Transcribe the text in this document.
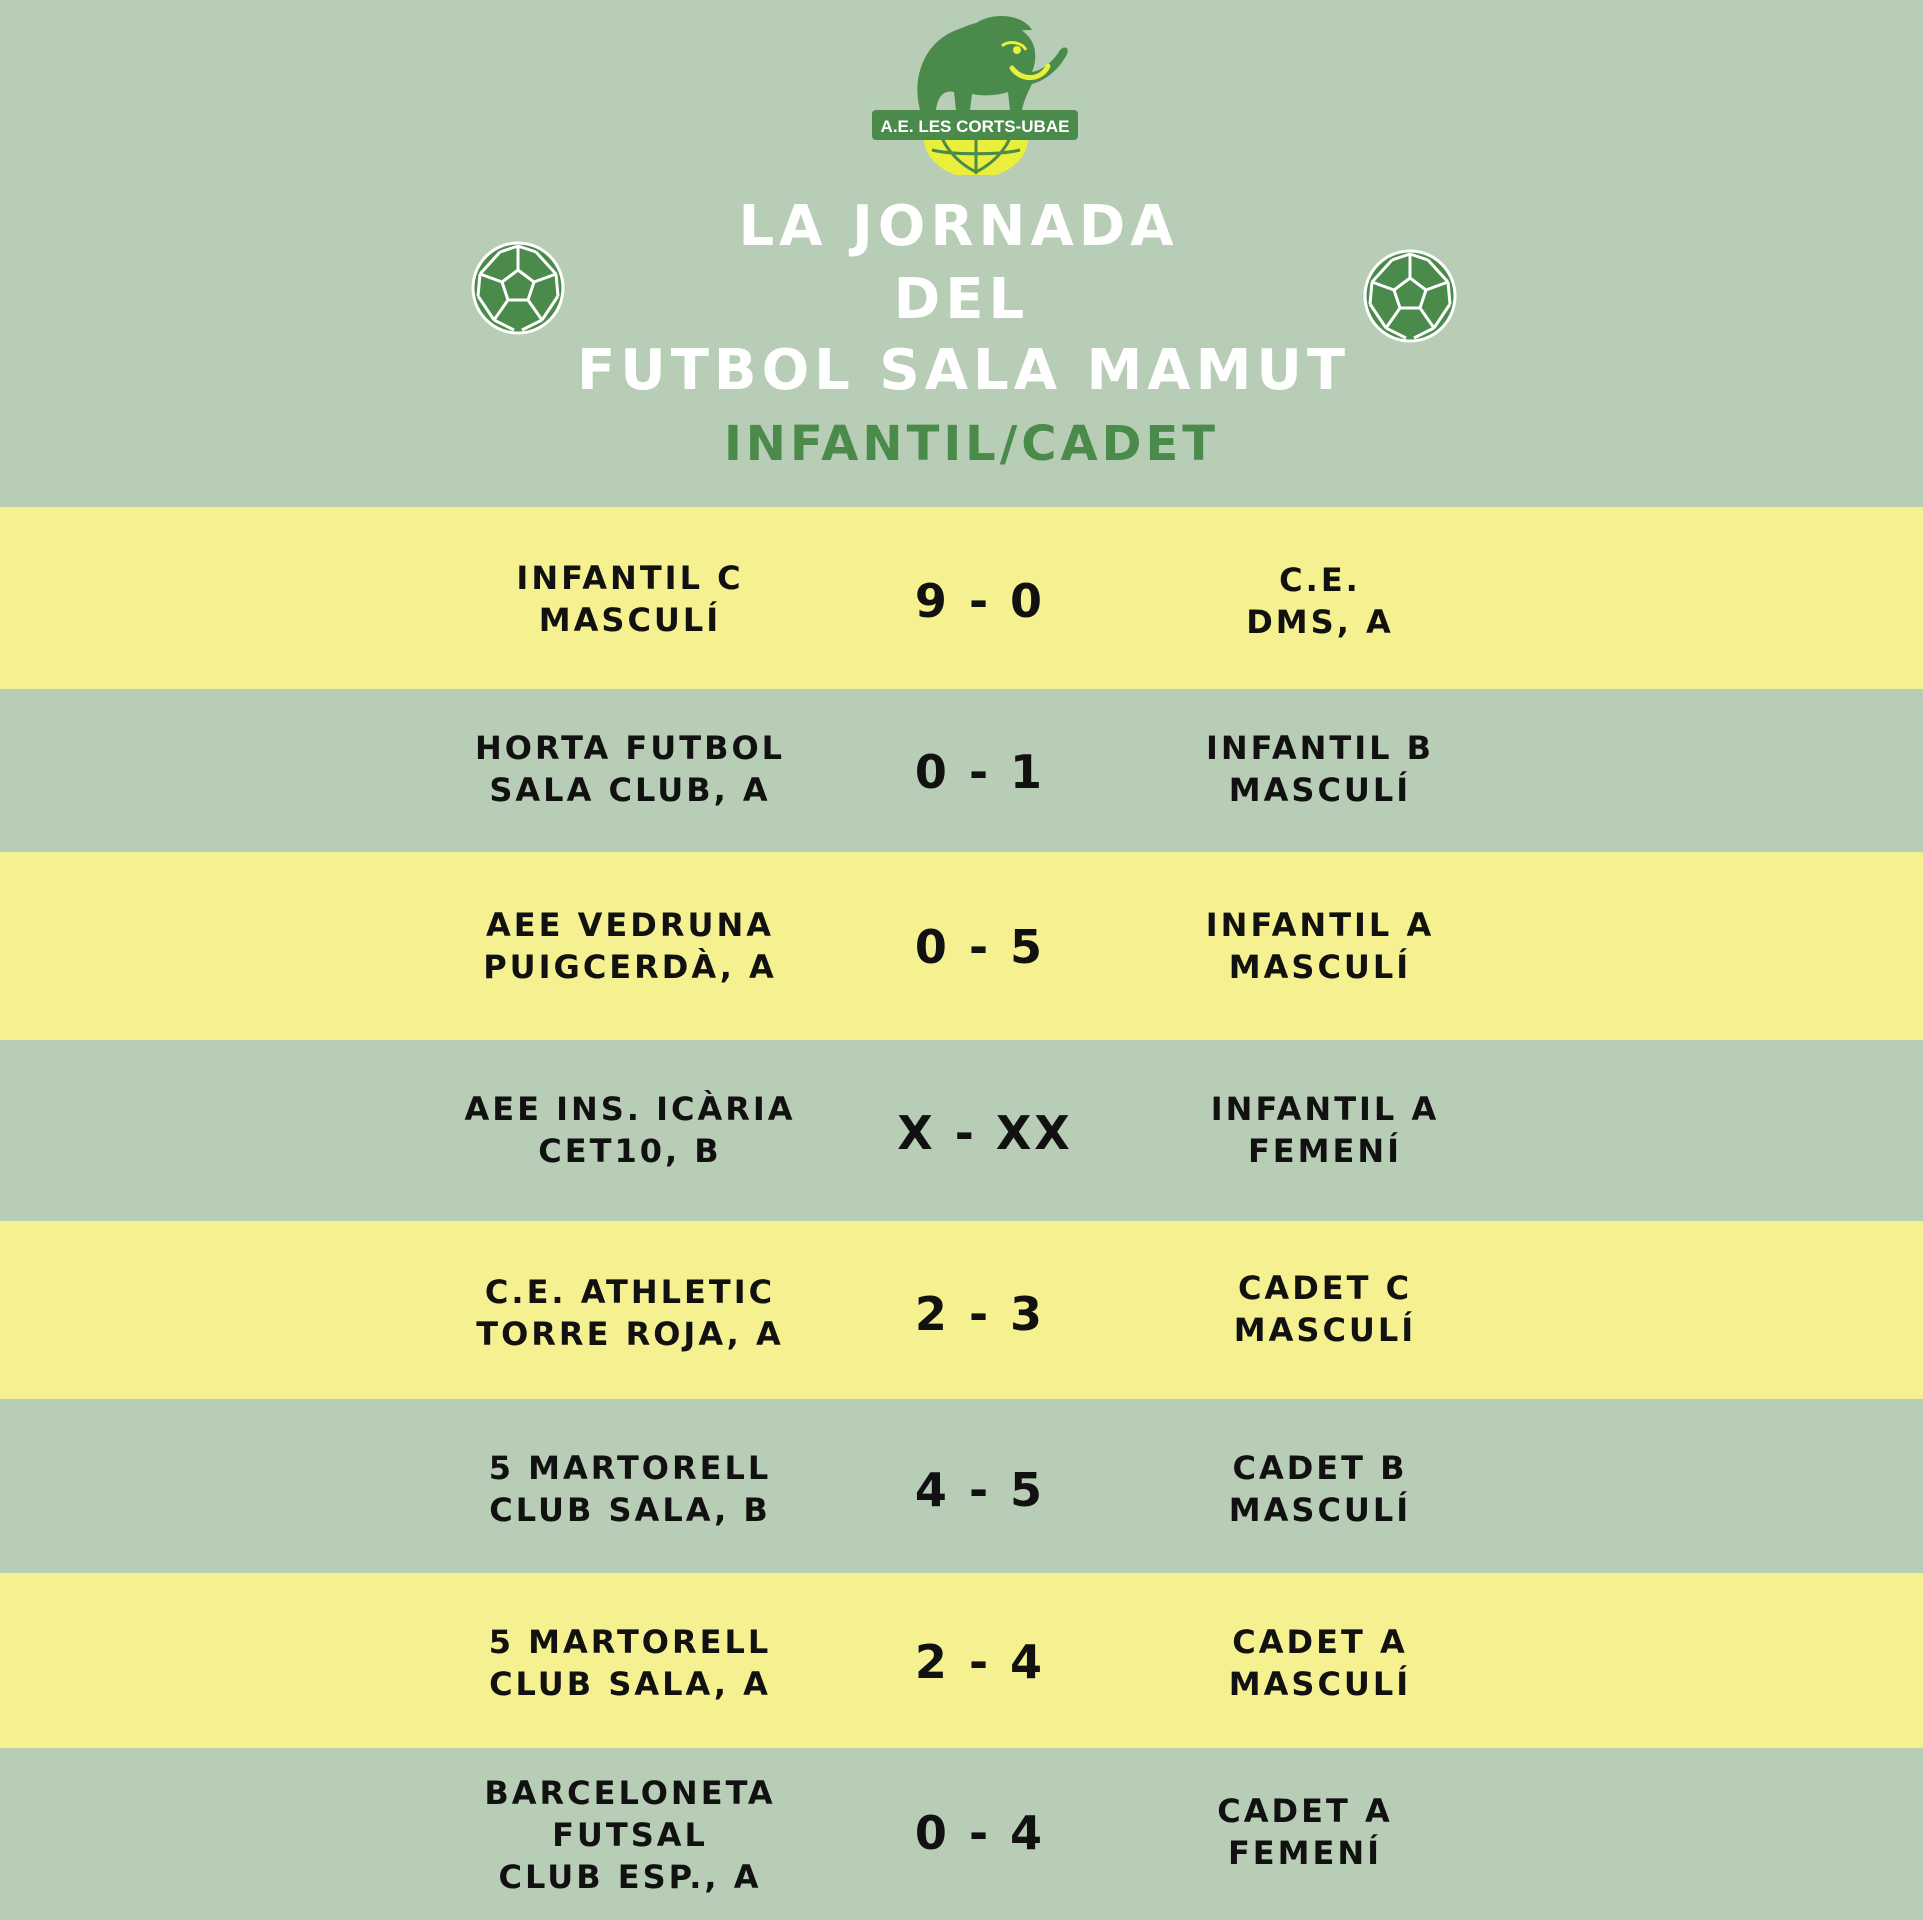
A.E. LES CORTS-UBAE
LA JORNADA
DEL
FUTBOL SALA MAMUT
INFANTIL/CADET
INFANTIL C
MASCULÍ	9 - 0	C.E.
DMS, A
HORTA FUTBOL
SALA CLUB, A	0 - 1	INFANTIL B
MASCULÍ
AEE VEDRUNA
PUIGCERDÀ, A	0 - 5	INFANTIL A
MASCULÍ
AEE INS. ICÀRIA
CET10, B	X - XX	INFANTIL A
FEMENÍ
C.E. ATHLETIC
TORRE ROJA, A	2 - 3	CADET C
MASCULÍ
5 MARTORELL
CLUB SALA, B	4 - 5	CADET B
MASCULÍ
5 MARTORELL
CLUB SALA, A	2 - 4	CADET A
MASCULÍ
BARCELONETA
FUTSAL
CLUB ESP., A
0 - 4	CADET A
FEMENÍ
